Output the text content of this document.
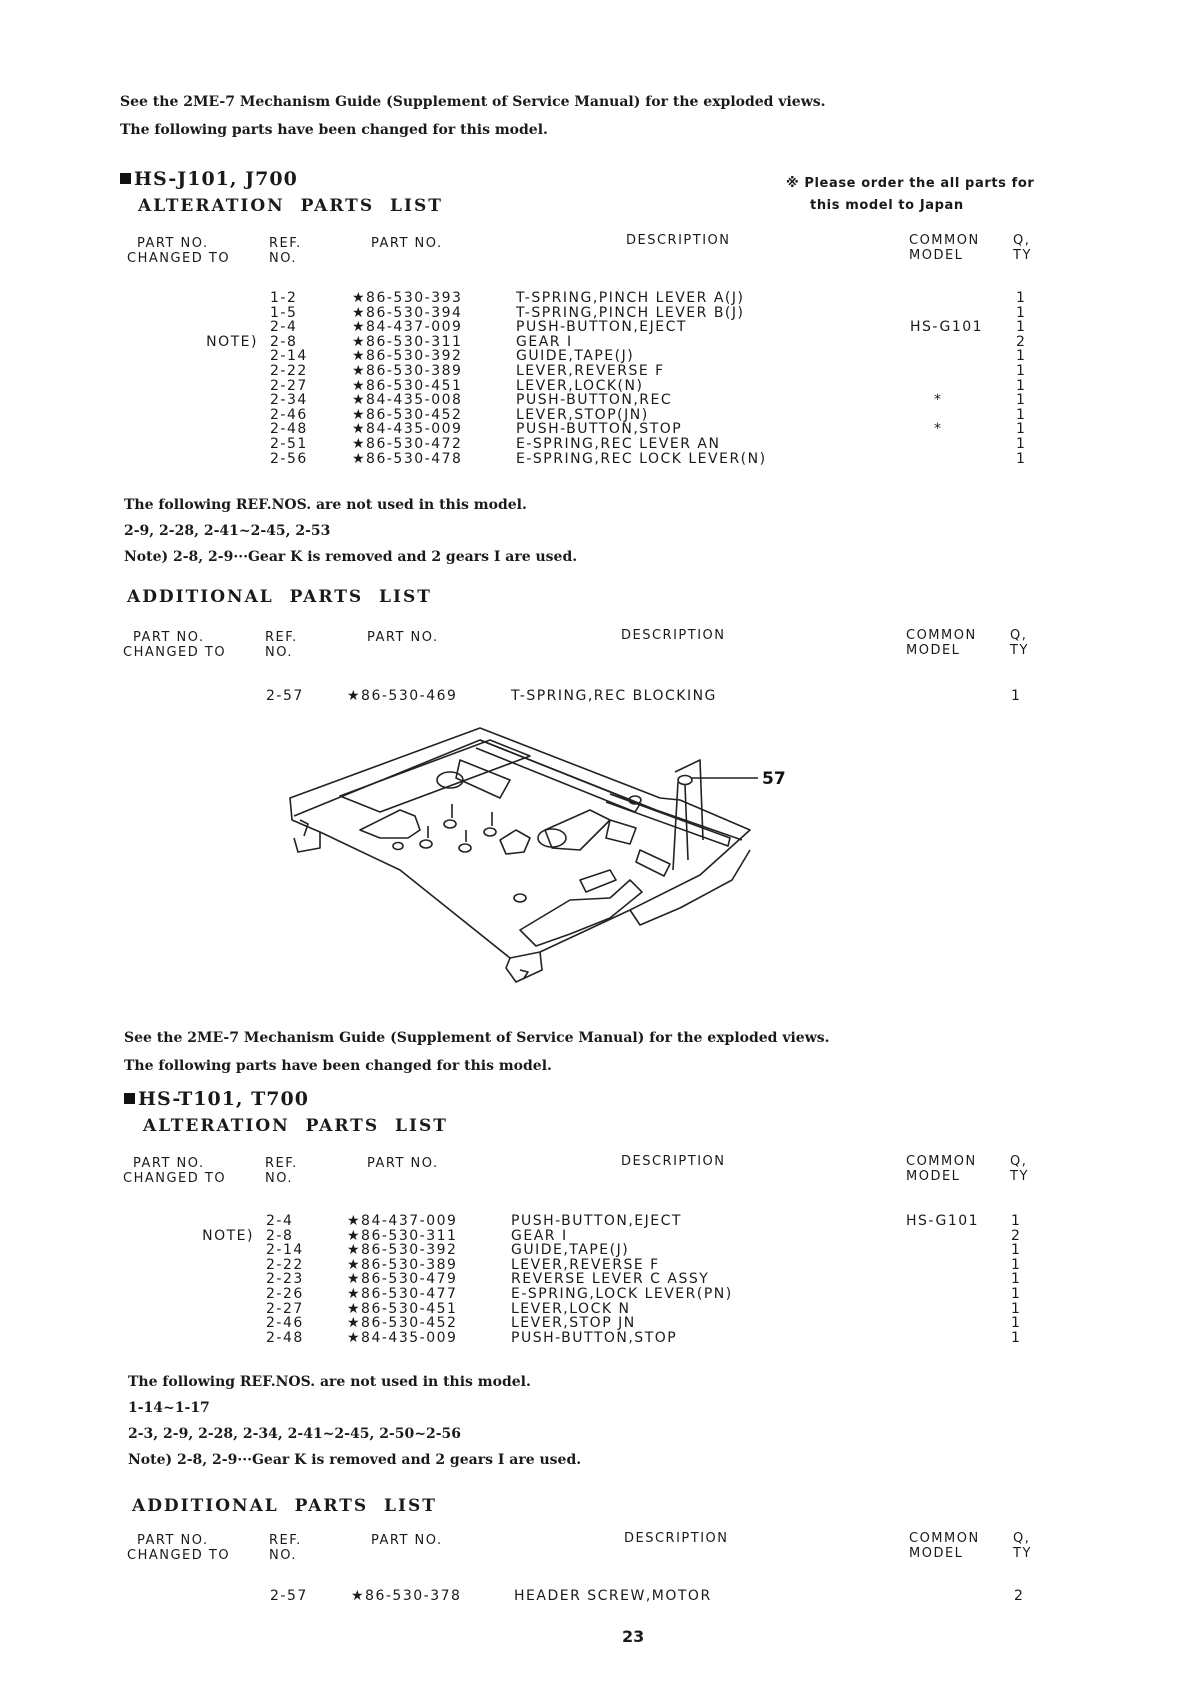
See the 2ME-7 Mechanism Guide (Supplement of Service Manual) for the exploded views.
The following parts have been changed for this model.
HS-J101, J700	※ Please order the all parts for
this model to Japan
ALTERATION PARTS LIST
PART NO.
CHANGED TO
REF.
NO.
PART NO.	DESCRIPTION	COMMON
MODEL
Q,
TY
1-2	★86-530-393	T-SPRING,PINCH LEVER A(J)	1
1-5	★86-530-394	T-SPRING,PINCH LEVER B(J)	1
2-4	★84-437-009	PUSH-BUTTON,EJECT	HS-G101 1
NOTE) 2-8	★86-530-311	GEAR I	2
2-14	★86-530-392	GUIDE,TAPE(J)	1
2-22	★86-530-389	LEVER,REVERSE F	1
2-27	★86-530-451	LEVER,LOCK(N)	1
2-34	★84-435-008	PUSH-BUTTON,REC	*	1
2-46	★86-530-452	LEVER,STOP(JN)	1
2-48	★84-435-009	PUSH-BUTTON,STOP	*	1
2-51	★86-530-472	E-SPRING,REC LEVER AN	1
2-56	★86-530-478	E-SPRING,REC LOCK LEVER(N)	1
The following REF.NOS. are not used in this model.
2-9, 2-28, 2-41~2-45, 2-53
Note) 2-8, 2-9···Gear K is removed and 2 gears I are used.
ADDITIONAL PARTS LIST
PART NO.
CHANGED TO
REF.
NO.
PART NO.	DESCRIPTION	COMMON
MODEL
Q,
TY
2-57	★86-530-469	T-SPRING,REC BLOCKING	1
57
See the 2ME-7 Mechanism Guide (Supplement of Service Manual) for the exploded views.
The following parts have been changed for this model.
HS-T101, T700
ALTERATION PARTS LIST
PART NO.
CHANGED TO
REF.
NO.
PART NO.	DESCRIPTION	COMMON
MODEL
Q,
TY
2-4	★84-437-009	PUSH-BUTTON,EJECT	HS-G101 1
NOTE) 2-8	★86-530-311	GEAR I	2
2-14	★86-530-392	GUIDE,TAPE(J)	1
2-22	★86-530-389	LEVER,REVERSE F	1
2-23	★86-530-479	REVERSE LEVER C ASSY	1
2-26	★86-530-477	E-SPRING,LOCK LEVER(PN)	1
2-27	★86-530-451	LEVER,LOCK N	1
2-46	★86-530-452	LEVER,STOP JN	1
2-48	★84-435-009	PUSH-BUTTON,STOP	1
The following REF.NOS. are not used in this model.
1-14~1-17
2-3, 2-9, 2-28, 2-34, 2-41~2-45, 2-50~2-56
Note) 2-8, 2-9···Gear K is removed and 2 gears I are used.
ADDITIONAL PARTS LIST
PART NO.
CHANGED TO
REF.
NO.
PART NO.	DESCRIPTION	COMMON
MODEL
Q,
TY
2-57	★86-530-378	HEADER SCREW,MOTOR	2
23
